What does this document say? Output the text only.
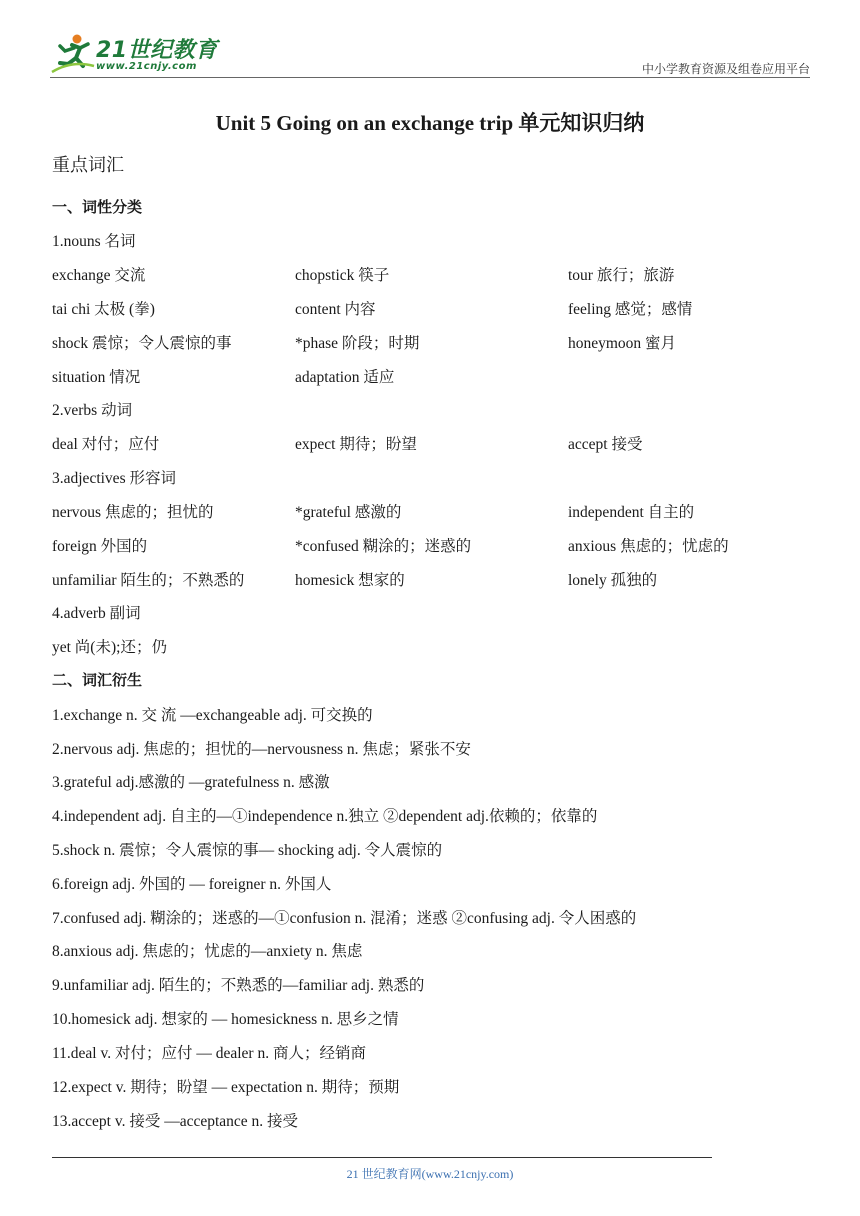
21世纪教育
www.21cnjy.com	中小学教育资源及组卷应用平台
Unit 5 Going on an exchange trip 单元知识归纳
重点词汇
一、词性分类
1.nouns 名词
exchange 交流	chopstick 筷子	tour 旅行；旅游
tai chi 太极 (拳)	content 内容	feeling 感觉；感情
shock 震惊；令人震惊的事	*phase 阶段；时期	honeymoon 蜜月
situation 情况	adaptation 适应
2.verbs 动词
deal 对付；应付	expect 期待；盼望	accept 接受
3.adjectives 形容词
nervous 焦虑的；担忧的	*grateful 感激的	independent 自主的
foreign 外国的	*confused 糊涂的；迷惑的	anxious 焦虑的；忧虑的
unfamiliar 陌生的；不熟悉的	homesick 想家的	lonely 孤独的
4.adverb 副词
yet 尚(未);还；仍
二、词汇衍生
1.exchange n. 交 流 —exchangeable adj. 可交换的
2.nervous adj. 焦虑的；担忧的—nervousness n. 焦虑；紧张不安
3.grateful adj.感激的 —gratefulness n. 感激
4.independent adj. 自主的—①independence n.独立 ②dependent adj.依赖的；依靠的
5.shock n. 震惊；令人震惊的事— shocking adj. 令人震惊的
6.foreign adj. 外国的 — foreigner n. 外国人
7.confused adj. 糊涂的；迷惑的—①confusion n. 混淆；迷惑 ②confusing adj. 令人困惑的
8.anxious adj. 焦虑的；忧虑的—anxiety n. 焦虑
9.unfamiliar adj. 陌生的；不熟悉的—familiar adj. 熟悉的
10.homesick adj. 想家的 — homesickness n. 思乡之情
11.deal v. 对付；应付 — dealer n. 商人；经销商
12.expect v. 期待；盼望 — expectation n. 期待；预期
13.accept v. 接受 —acceptance n. 接受
21 世纪教育网(www.21cnjy.com)
